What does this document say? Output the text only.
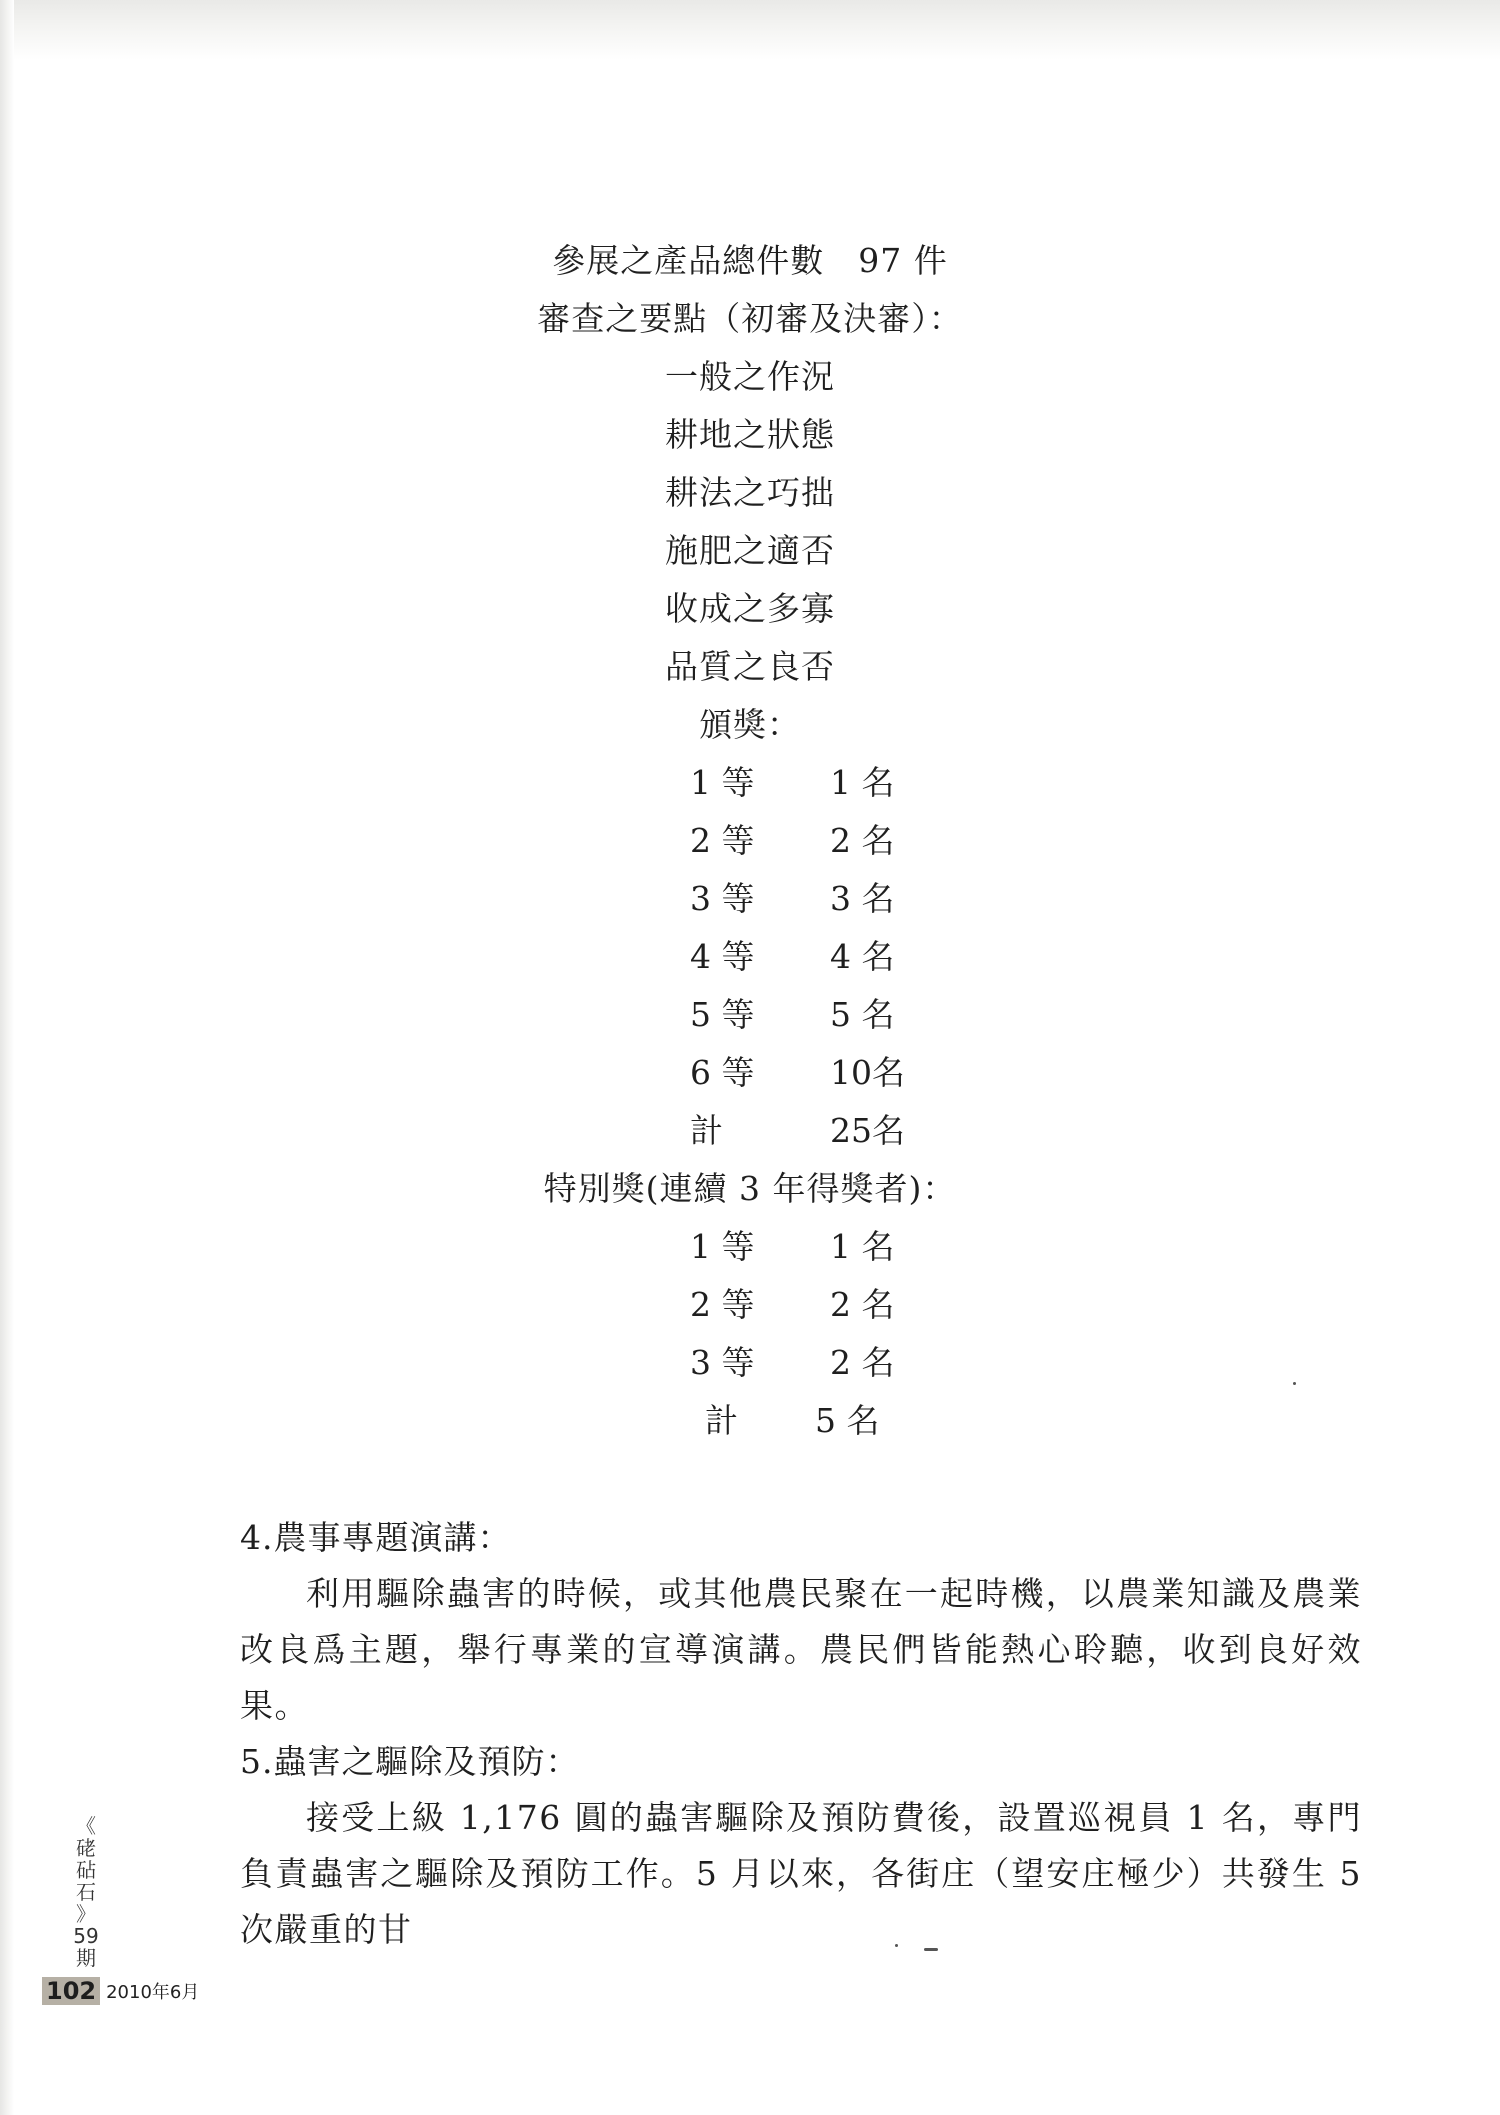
參展之產品總件數　97 件
審查之要點（初審及決審）：
一般之作況
耕地之狀態
耕法之巧拙
施肥之適否
收成之多寡
品質之良否
頒獎：
1 等	1 名
2 等	2 名
3 等	3 名
4 等	4 名
5 等	5 名
6 等	10名
計	25名
特別獎(連續 3 年得獎者)：
1 等	1 名
2 等	2 名
3 等	2 名
計	5 名
4.農事專題演講：
利用驅除蟲害的時候，或其他農民聚在一起時機，以農業知識及農業改良爲主題，舉行專業的宣導演講。農民們皆能熱心聆聽，收到良好效果。
5.蟲害之驅除及預防：
接受上級 1,176 圓的蟲害驅除及預防費後，設置巡視員 1 名，專門負責蟲害之驅除及預防工作。5 月以來，各街庄（望安庄極少）共發生 5 次嚴重的甘
《
硓
砧
石
》
59
期
102 2010年6月
